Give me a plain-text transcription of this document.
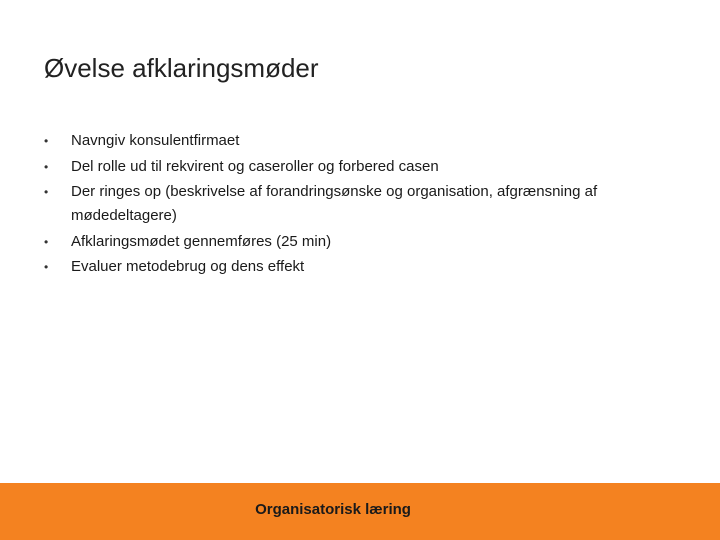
Øvelse afklaringsmøder
• Navngiv konsulentfirmaet
• Del rolle ud til rekvirent og caseroller og forbered casen
• Der ringes op (beskrivelse af forandringsønske og organisation, afgrænsning af mødedeltagere)
• Afklaringsmødet gennemføres (25 min)
• Evaluer metodebrug og dens effekt
Organisatorisk læring
